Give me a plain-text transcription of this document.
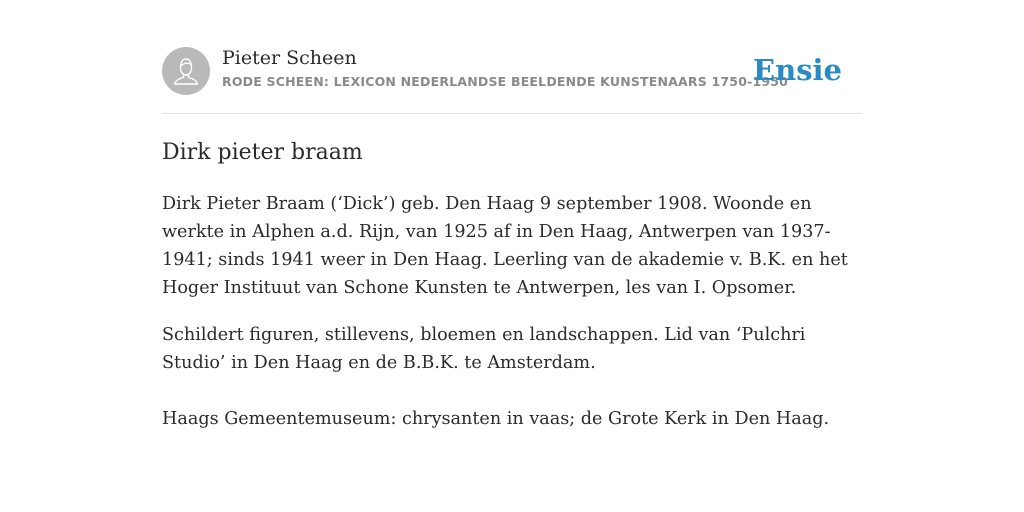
Pieter Scheen
RODE SCHEEN: LEXICON NEDERLANDSE BEELDENDE KUNSTENAARS 1750-1950
Ensie
Dirk pieter braam

Dirk Pieter Braam (‘Dick’) geb. Den Haag 9 september 1908. Woonde en werkte in Alphen a.d. Rijn, van 1925 af in Den Haag, Antwerpen van 1937-1941; sinds 1941 weer in Den Haag. Leerling van de akademie v. B.K. en het Hoger Instituut van Schone Kunsten te Antwerpen, les van I. Opsomer.

Schildert figuren, stillevens, bloemen en landschappen. Lid van ‘Pulchri Studio’ in Den Haag en de B.B.K. te Amsterdam.

Haags Gemeentemuseum: chrysanten in vaas; de Grote Kerk in Den Haag.
